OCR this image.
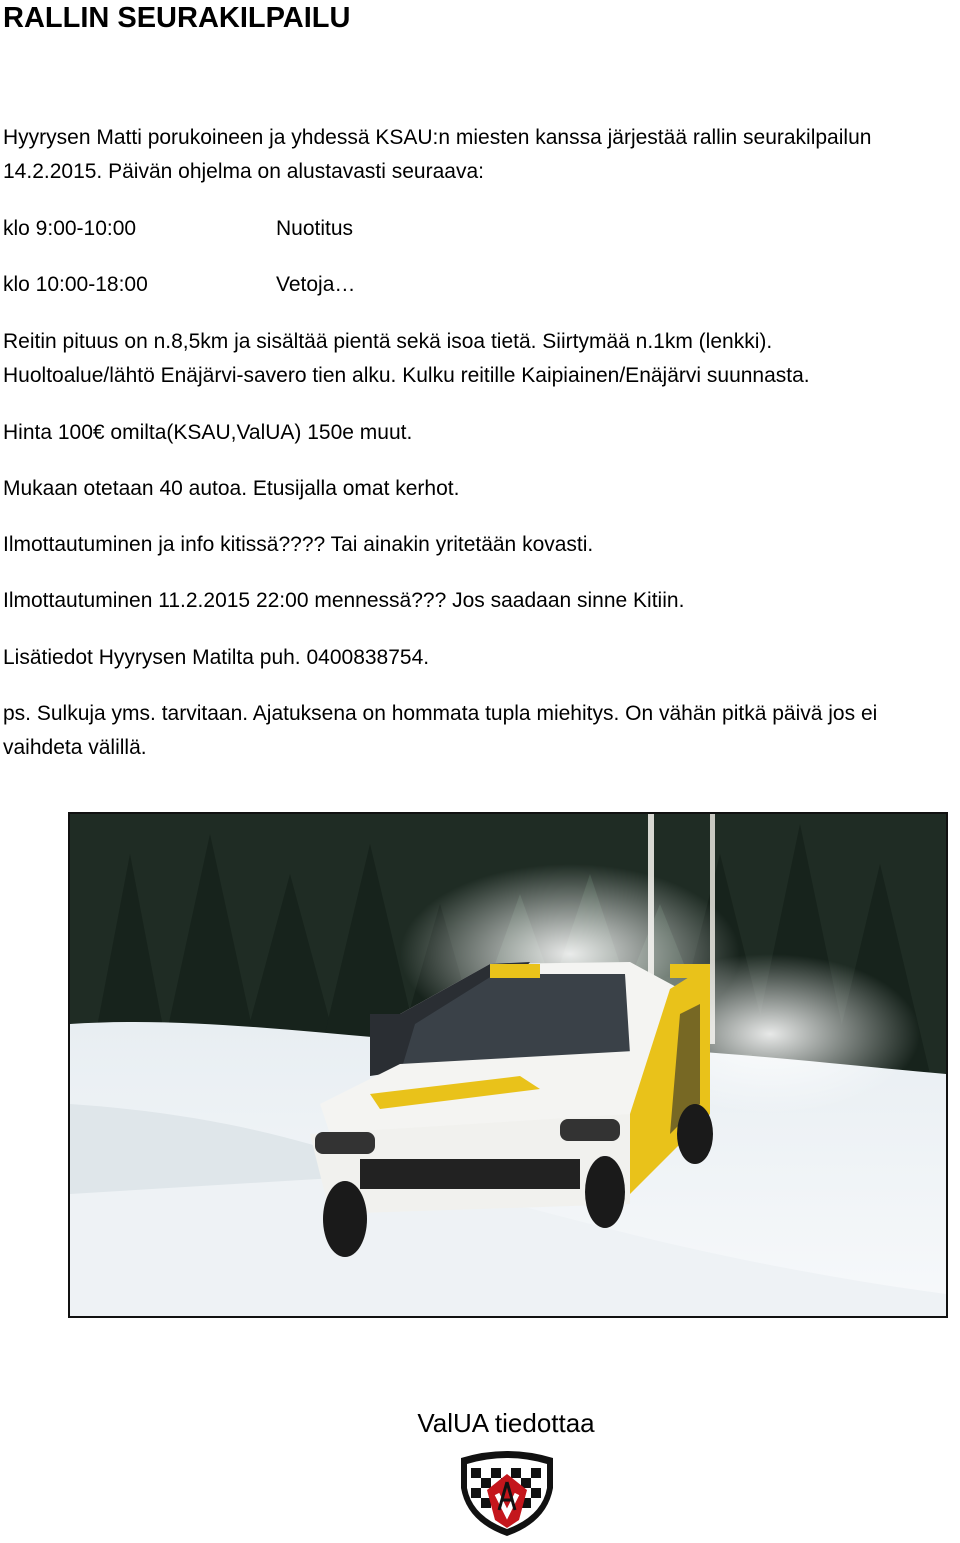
RALLIN SEURAKILPAILU

Hyyrysen Matti porukoineen ja yhdessä KSAU:n miesten kanssa järjestää rallin seurakilpailun

14.2.2015. Päivän ohjelma on alustavasti seuraava:

klo 9:00-10:00	Nuotitus
klo 10:00-18:00	Vetoja…

Reitin pituus on n.8,5km ja sisältää pientä sekä isoa tietä. Siirtymää n.1km (lenkki).

Huoltoalue/lähtö Enäjärvi-savero tien alku. Kulku reitille Kaipiainen/Enäjärvi suunnasta.

Hinta 100€ omilta(KSAU,ValUA) 150e muut.

Mukaan otetaan 40 autoa. Etusijalla omat kerhot.

Ilmottautuminen ja info kitissä???? Tai ainakin yritetään kovasti.

Ilmottautuminen 11.2.2015 22:00 mennessä??? Jos saadaan sinne Kitiin.

Lisätiedot Hyyrysen Matilta puh. 0400838754.

ps. Sulkuja yms. tarvitaan. Ajatuksena on hommata tupla miehitys. On vähän pitkä päivä jos ei

vaihdeta välillä.

ValUA tiedottaa
